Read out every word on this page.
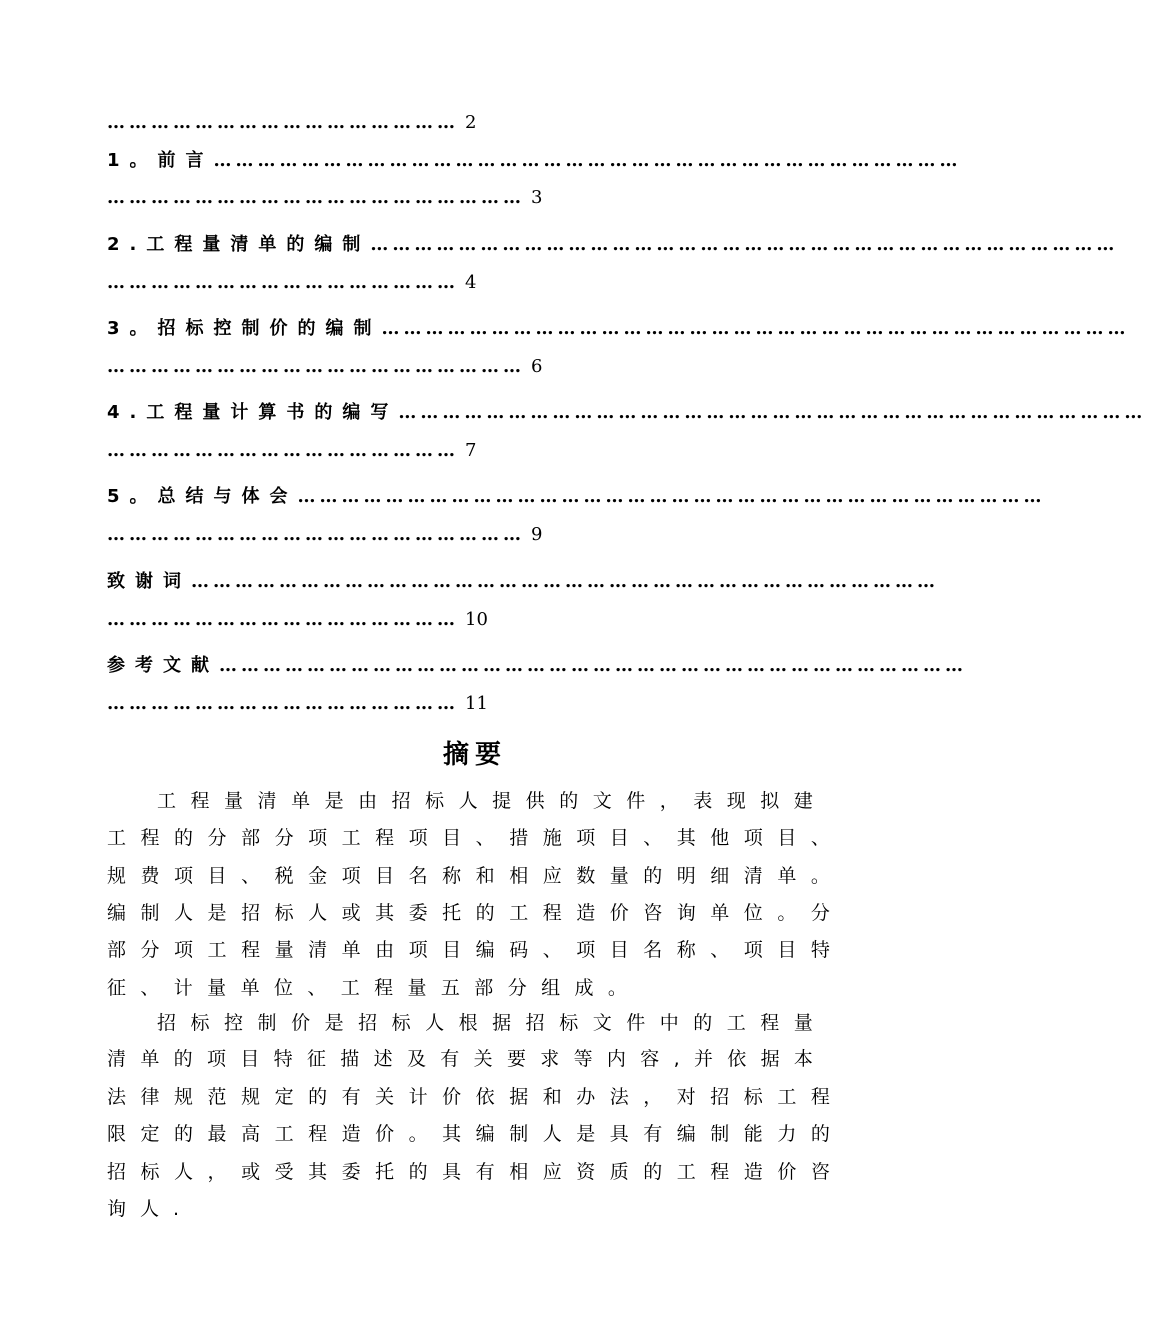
………………………………………… 2
1。前言…………………………………………………………………………………………
………………………………………………… 3
2.工程量清单的编制…………………………………………………………………………………………
………………………………………… 4
3。招标控制价的编制…………………………………………………………………………………………
………………………………………………… 6
4.工程量计算书的编写…………………………………………………………………………………………
………………………………………… 7
5。总结与体会…………………………………………………………………………………………
………………………………………………… 9
致谢词…………………………………………………………………………………………
………………………………………… 10
参考文献…………………………………………………………………………………………
………………………………………… 11
摘要
工 程 量 清 单 是 由 招 标 人 提 供 的 文 件 ， 表 现 拟 建
工 程 的 分 部 分 项 工 程 项 目 、 措 施 项 目 、 其 他 项 目 、
规 费 项 目 、 税 金 项 目 名 称 和 相 应 数 量 的 明 细 清 单 。
编 制 人 是 招 标 人 或 其 委 托 的 工 程 造 价 咨 询 单 位 。 分
部 分 项 工 程 量 清 单 由 项 目 编 码 、 项 目 名 称 、 项 目 特
征 、 计 量 单 位 、 工 程 量 五 部 分 组 成 。
招 标 控 制 价 是 招 标 人 根 据 招 标 文 件 中 的 工 程 量
清 单 的 项 目 特 征 描 述 及 有 关 要 求 等 内 容 , 并 依 据 本
法 律 规 范 规 定 的 有 关 计 价 依 据 和 办 法 ， 对 招 标 工 程
限 定 的 最 高 工 程 造 价 。 其 编 制 人 是 具 有 编 制 能 力 的
招 标 人 ， 或 受 其 委 托 的 具 有 相 应 资 质 的 工 程 造 价 咨
询 人 .
